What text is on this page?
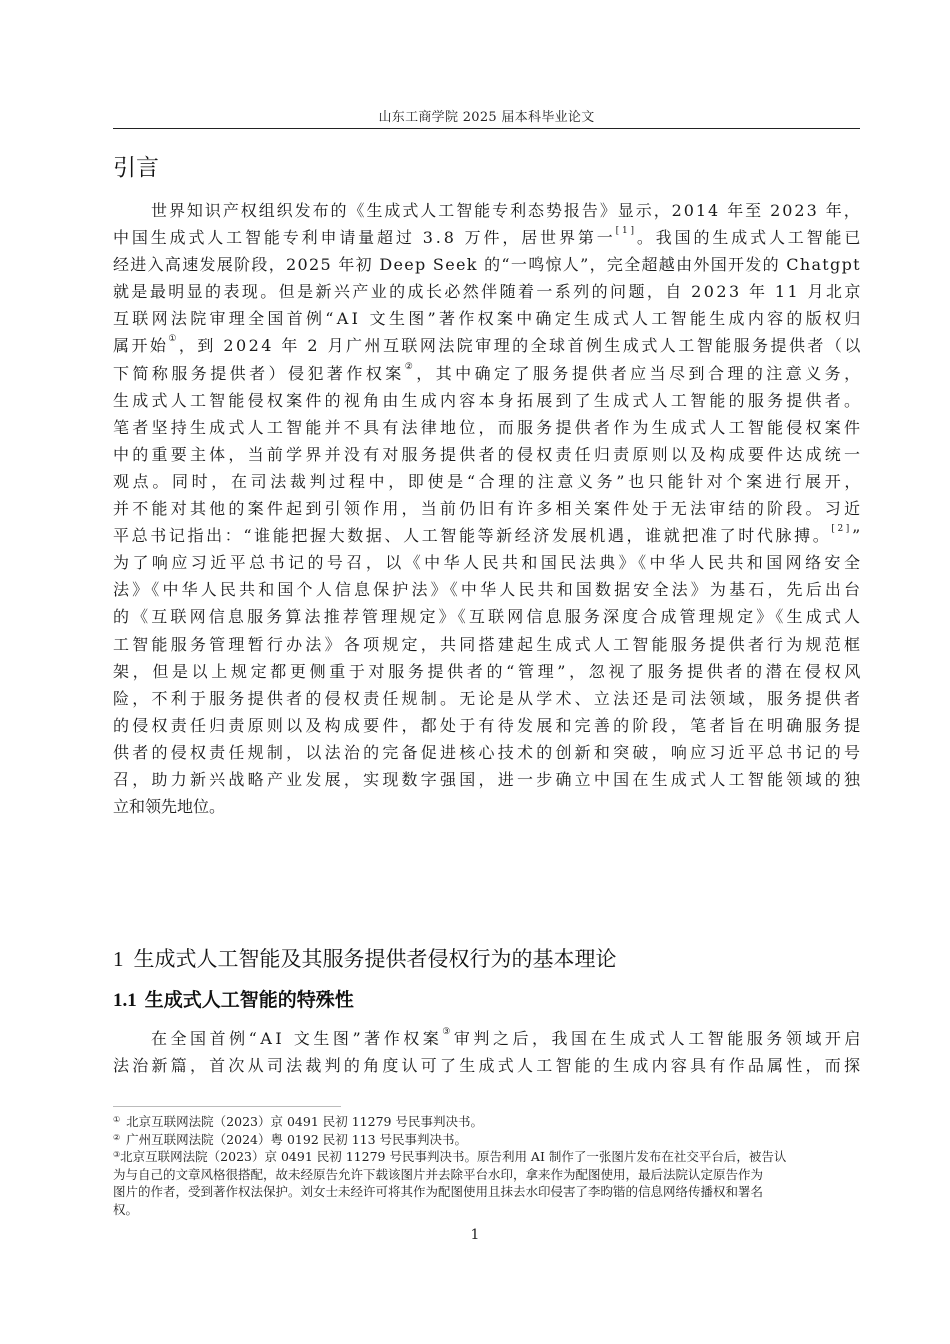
山东工商学院 2025 届本科毕业论文
引言
世界知识产权组织发布的《生成式人工智能专利态势报告》显示，2014 年至 2023 年，
中国生成式人工智能专利申请量超过 3.8 万件，居世界第一[1]。我国的生成式人工智能已
经进入高速发展阶段，2025 年初 Deep Seek 的“一鸣惊人”，完全超越由外国开发的 Chatgpt
就是最明显的表现。但是新兴产业的成长必然伴随着一系列的问题，自 2023 年 11 月北京
互联网法院审理全国首例“AI 文生图”著作权案中确定生成式人工智能生成内容的版权归
属开始①，到 2024 年 2 月广州互联网法院审理的全球首例生成式人工智能服务提供者（以
下简称服务提供者）侵犯著作权案②，其中确定了服务提供者应当尽到合理的注意义务，
生成式人工智能侵权案件的视角由生成内容本身拓展到了生成式人工智能的服务提供者。
笔者坚持生成式人工智能并不具有法律地位，而服务提供者作为生成式人工智能侵权案件
中的重要主体，当前学界并没有对服务提供者的侵权责任归责原则以及构成要件达成统一
观点。同时，在司法裁判过程中，即使是“合理的注意义务”也只能针对个案进行展开，
并不能对其他的案件起到引领作用，当前仍旧有许多相关案件处于无法审结的阶段。习近
平总书记指出：“谁能把握大数据、人工智能等新经济发展机遇，谁就把准了时代脉搏。[2]”
为了响应习近平总书记的号召，以《中华人民共和国民法典》《中华人民共和国网络安全
法》《中华人民共和国个人信息保护法》《中华人民共和国数据安全法》为基石，先后出台
的《互联网信息服务算法推荐管理规定》《互联网信息服务深度合成管理规定》《生成式人
工智能服务管理暂行办法》各项规定，共同搭建起生成式人工智能服务提供者行为规范框
架，但是以上规定都更侧重于对服务提供者的“管理”，忽视了服务提供者的潜在侵权风
险，不利于服务提供者的侵权责任规制。无论是从学术、立法还是司法领域，服务提供者
的侵权责任归责原则以及构成要件，都处于有待发展和完善的阶段，笔者旨在明确服务提
供者的侵权责任规制，以法治的完备促进核心技术的创新和突破，响应习近平总书记的号
召，助力新兴战略产业发展，实现数字强国，进一步确立中国在生成式人工智能领域的独
立和领先地位。
1 生成式人工智能及其服务提供者侵权行为的基本理论
1.1 生成式人工智能的特殊性
在全国首例“AI 文生图”著作权案③审判之后，我国在生成式人工智能服务领域开启
法治新篇，首次从司法裁判的角度认可了生成式人工智能的生成内容具有作品属性，而探
① 北京互联网法院（2023）京 0491 民初 11279 号民事判决书。
② 广州互联网法院（2024）粤 0192 民初 113 号民事判决书。
③北京互联网法院（2023）京 0491 民初 11279 号民事判决书。原告利用 AI 制作了一张图片发布在社交平台后，被告认
为与自己的文章风格很搭配，故未经原告允许下载该图片并去除平台水印，拿来作为配图使用，最后法院认定原告作为
图片的作者，受到著作权法保护。刘女士未经许可将其作为配图使用且抹去水印侵害了李昀锴的信息网络传播权和署名
权。
1
